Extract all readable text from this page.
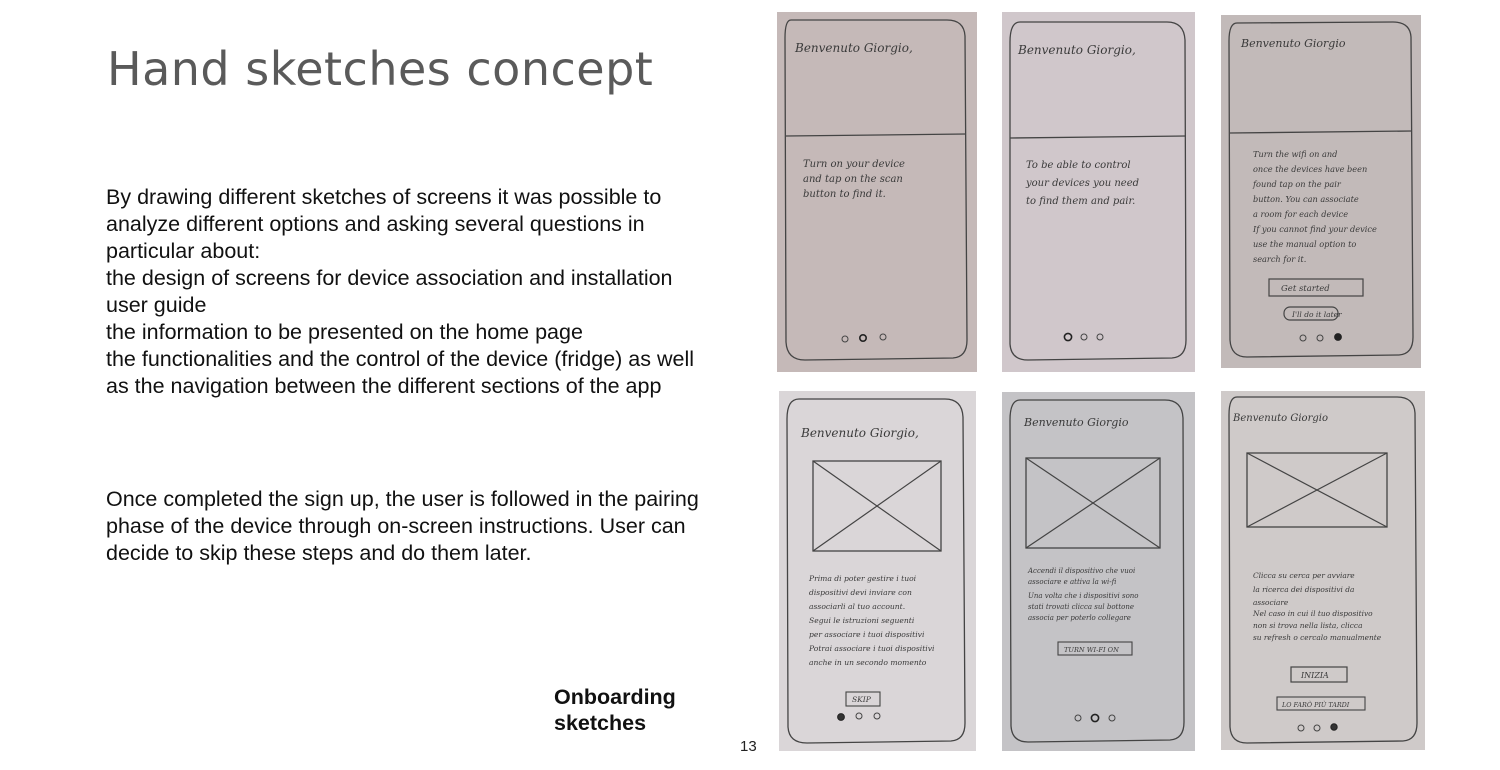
Hand sketches concept

By drawing different sketches of screens it was possible to

analyze different options and asking several questions in

particular about:

the design of screens for device association and installation

user guide

the information to be presented on the home page

the functionalities and the control of the device (fridge) as well

as the navigation between the different sections of the app

Once completed the sign up, the user is followed in the pairing

phase of the device through on-screen instructions. User can

decide to skip these steps and do them later.

Onboarding
sketches
13
Benvenuto Giorgio,
Turn on your device
and tap on the scan
button to find it.
Benvenuto Giorgio,
To be able to control
your devices you need
to find them and pair.
Benvenuto Giorgio
Turn the wifi on and
once the devices have been
found tap on the pair
button. You can associate
a room for each device
If you cannot find your device
use the manual option to
search for it.
Get started
I'll do it later
Benvenuto Giorgio,
Prima di poter gestire i tuoi
dispositivi devi inviare con
associarli al tuo account.
Segui le istruzioni seguenti
per associare i tuoi dispositivi
Potrai associare i tuoi dispositivi
anche in un secondo momento
SKIP
Benvenuto Giorgio
Accendi il dispositivo che vuoi
associare e attiva la wi-fi
Una volta che i dispositivi sono
stati trovati clicca sul bottone
associa per poterlo collegare
TURN WI-FI ON
Benvenuto Giorgio
Clicca su cerca per avviare
la ricerca dei dispositivi da
associare
Nel caso in cui il tuo dispositivo
non si trova nella lista, clicca
su refresh o cercalo manualmente
INIZIA
LO FARÒ PIÙ TARDI
